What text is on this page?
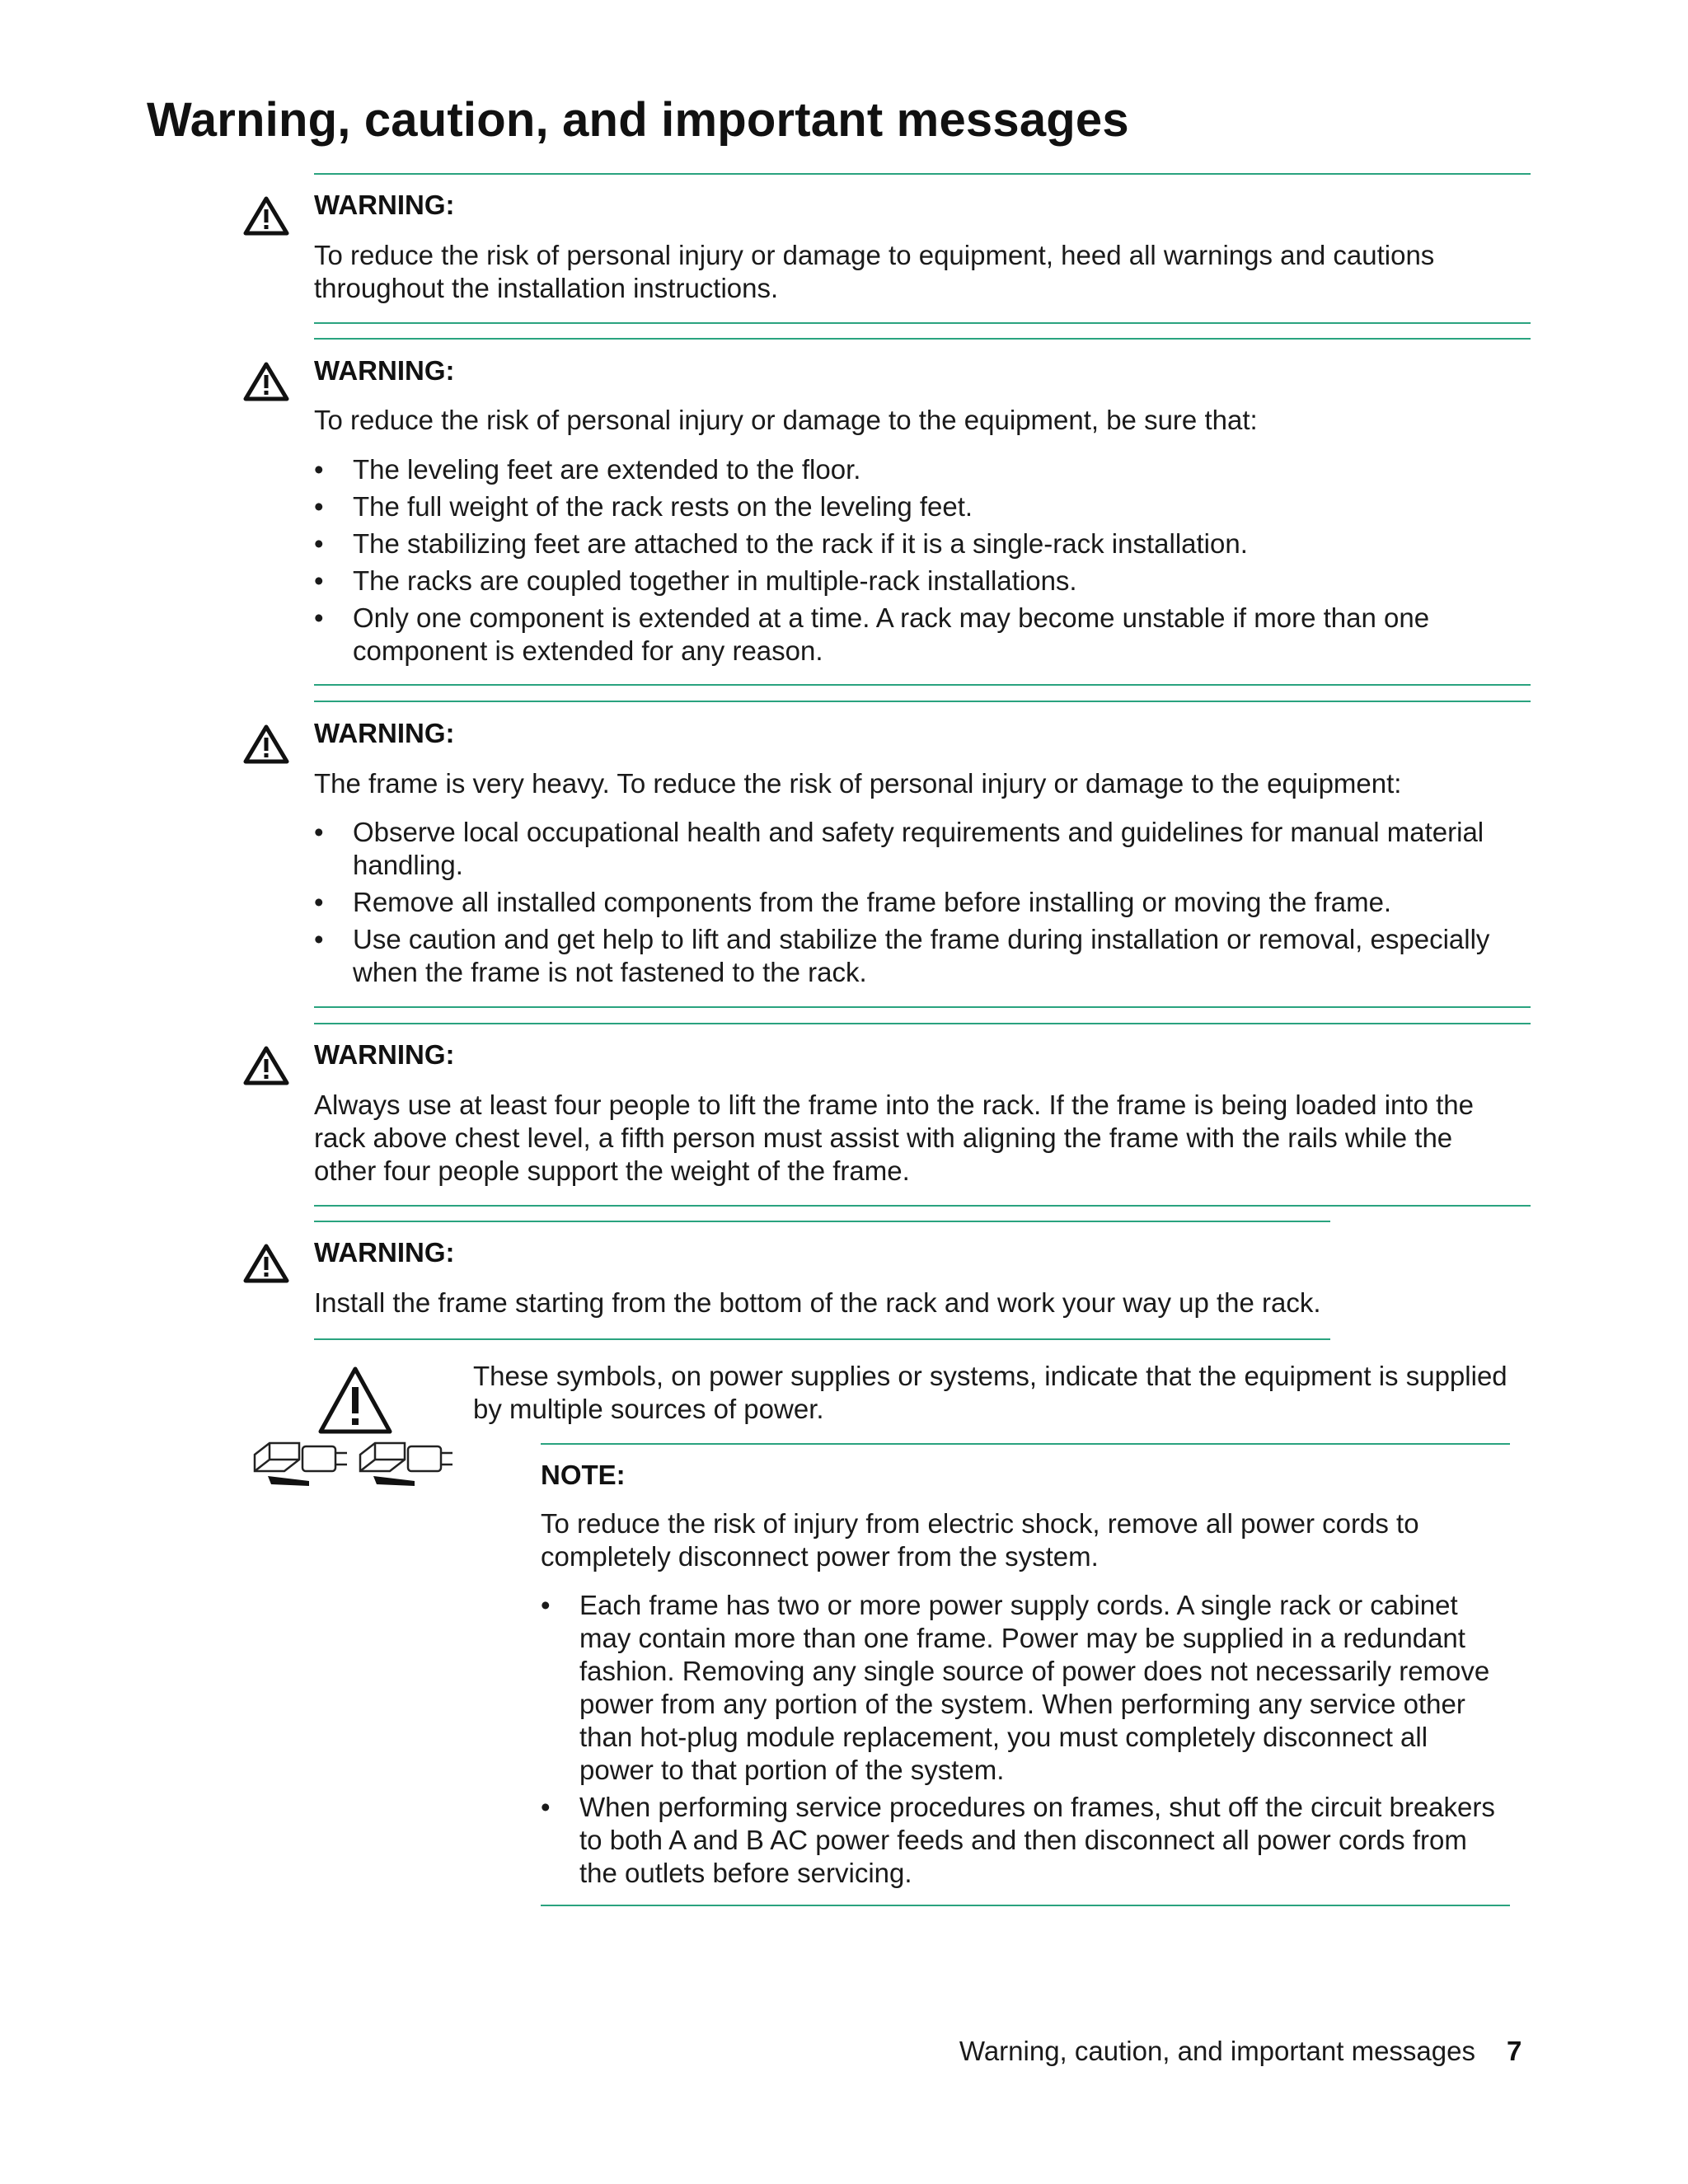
Warning, caution, and important messages
WARNING:

To reduce the risk of personal injury or damage to equipment, heed all warnings and cautions throughout the installation instructions.

WARNING:

To reduce the risk of personal injury or damage to the equipment, be sure that:

• The leveling feet are extended to the floor.
• The full weight of the rack rests on the leveling feet.
• The stabilizing feet are attached to the rack if it is a single-rack installation.
• The racks are coupled together in multiple-rack installations.
• Only one component is extended at a time. A rack may become unstable if more than one component is extended for any reason.
WARNING:

The frame is very heavy. To reduce the risk of personal injury or damage to the equipment:

• Observe local occupational health and safety requirements and guidelines for manual material handling.
• Remove all installed components from the frame before installing or moving the frame.
• Use caution and get help to lift and stabilize the frame during installation or removal, especially when the frame is not fastened to the rack.
WARNING:

Always use at least four people to lift the frame into the rack. If the frame is being loaded into the rack above chest level, a fifth person must assist with aligning the frame with the rails while the other four people support the weight of the frame.

WARNING:

Install the frame starting from the bottom of the rack and work your way up the rack.

These symbols, on power supplies or systems, indicate that the equipment is supplied by multiple sources of power.

NOTE:

To reduce the risk of injury from electric shock, remove all power cords to completely disconnect power from the system.

• Each frame has two or more power supply cords. A single rack or cabinet may contain more than one frame. Power may be supplied in a redundant fashion. Removing any single source of power does not necessarily remove power from any portion of the system. When performing any service other than hot-plug module replacement, you must completely disconnect all power to that portion of the system.
• When performing service procedures on frames, shut off the circuit breakers to both A and B AC power feeds and then disconnect all power cords from the outlets before servicing.
Warning, caution, and important messages 7
